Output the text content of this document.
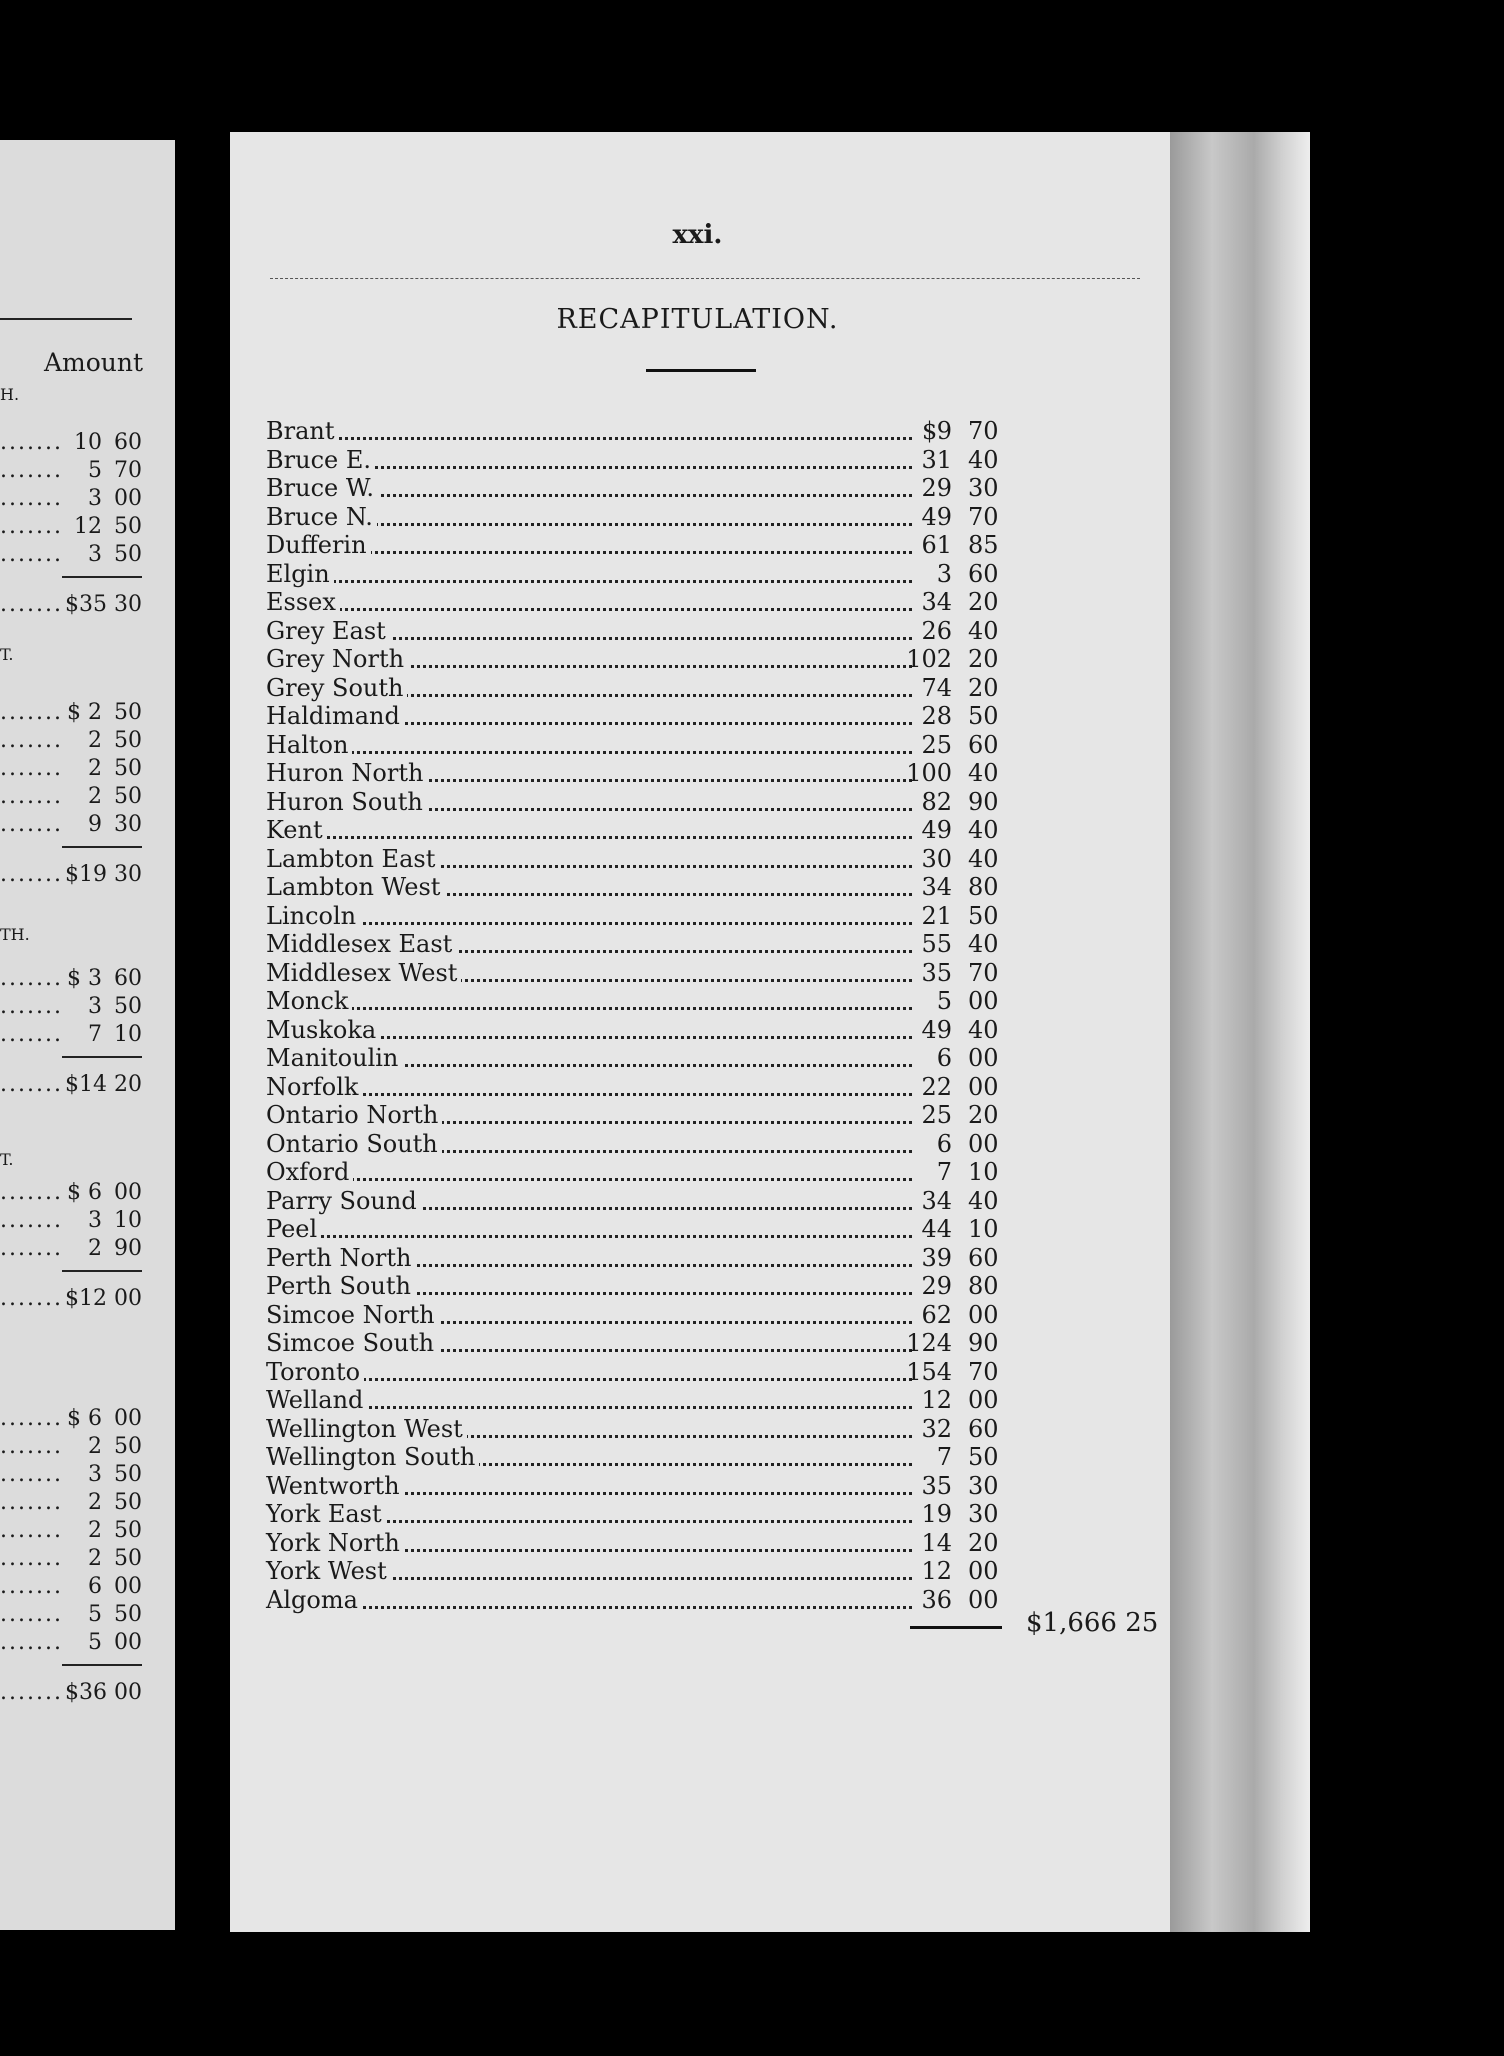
Amount
H.
T.
TH.
T.
....... 10 60
.......	5 70
.......	3 00
....... 12 50
.......	3 50
....... $35 30
....... $ 2 50
.......	2 50
.......	2 50
.......	2 50
.......	9 30
....... $19 30
....... $ 3 60
.......	3 50
.......	7 10
....... $14 20
....... $ 6 00
.......	3 10
.......	2 90
....... $12 00
....... $ 6 00
.......	2 50
.......	3 50
.......	2 50
.......	2 50
.......	2 50
.......	6 00
.......	5 50
.......	5 00
....... $36 00
xxi.
RECAPITULATION.
Brant	$ 9 70
Bruce E.	31 40
Bruce W.	29 30
Bruce N.	49 70
Dufferin	61 85
Elgin	3 60
Essex	34 20
Grey East	26 40
Grey North	102 20
Grey South	74 20
Haldimand	28 50
Halton	25 60
Huron North	100 40
Huron South	82 90
Kent	49 40
Lambton East	30 40
Lambton West	34 80
Lincoln	21 50
Middlesex East	55 40
Middlesex West	35 70
Monck	5 00
Muskoka	49 40
Manitoulin	6 00
Norfolk	22 00
Ontario North	25 20
Ontario South	6 00
Oxford	7 10
Parry Sound	34 40
Peel	44 10
Perth North	39 60
Perth South	29 80
Simcoe North	62 00
Simcoe South	124 90
Toronto	154 70
Welland	12 00
Wellington West	32 60
Wellington South	7 50
Wentworth	35 30
York East	19 30
York North	14 20
York West	12 00
Algoma	36 00
$1,666 25
